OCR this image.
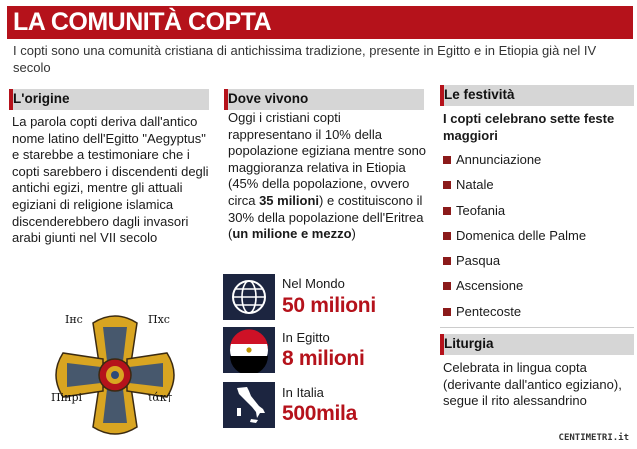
LA COMUNITÀ COPTA
I copti sono una comunità cristiana di antichissima tradizione, presente in Egitto e in Etiopia già nel IV secolo
L'origine
La parola copti deriva dall'antico nome latino dell'Egitto "Aegyptus" e starebbe a testimoniare che i copti sarebbero i discendenti degli antichi egizi, mentre gli attuali egiziani di religione islamica discenderebbero dagli invasori arabi giunti nel VII secolo
Iнс	Пхс
Пінрі	ιάκ†
Dove vivono
Oggi i cristiani copti rappresentano il 10% della popolazione egiziana mentre sono maggioranza relativa in Etiopia (45% della popolazione, ovvero circa 35 milioni) e costituiscono il 30% della popolazione dell'Eritrea (un milione e mezzo)
Nel Mondo
50 milioni
In Egitto
8 milioni
In Italia
500mila
Le festività
I copti celebrano sette feste maggiori
Annunciazione
Natale
Teofania
Domenica delle Palme
Pasqua
Ascensione
Pentecoste
Liturgia
Celebrata in lingua copta (derivante dall'antico egiziano), segue il rito alessandrino
CENTIMETRI.it
